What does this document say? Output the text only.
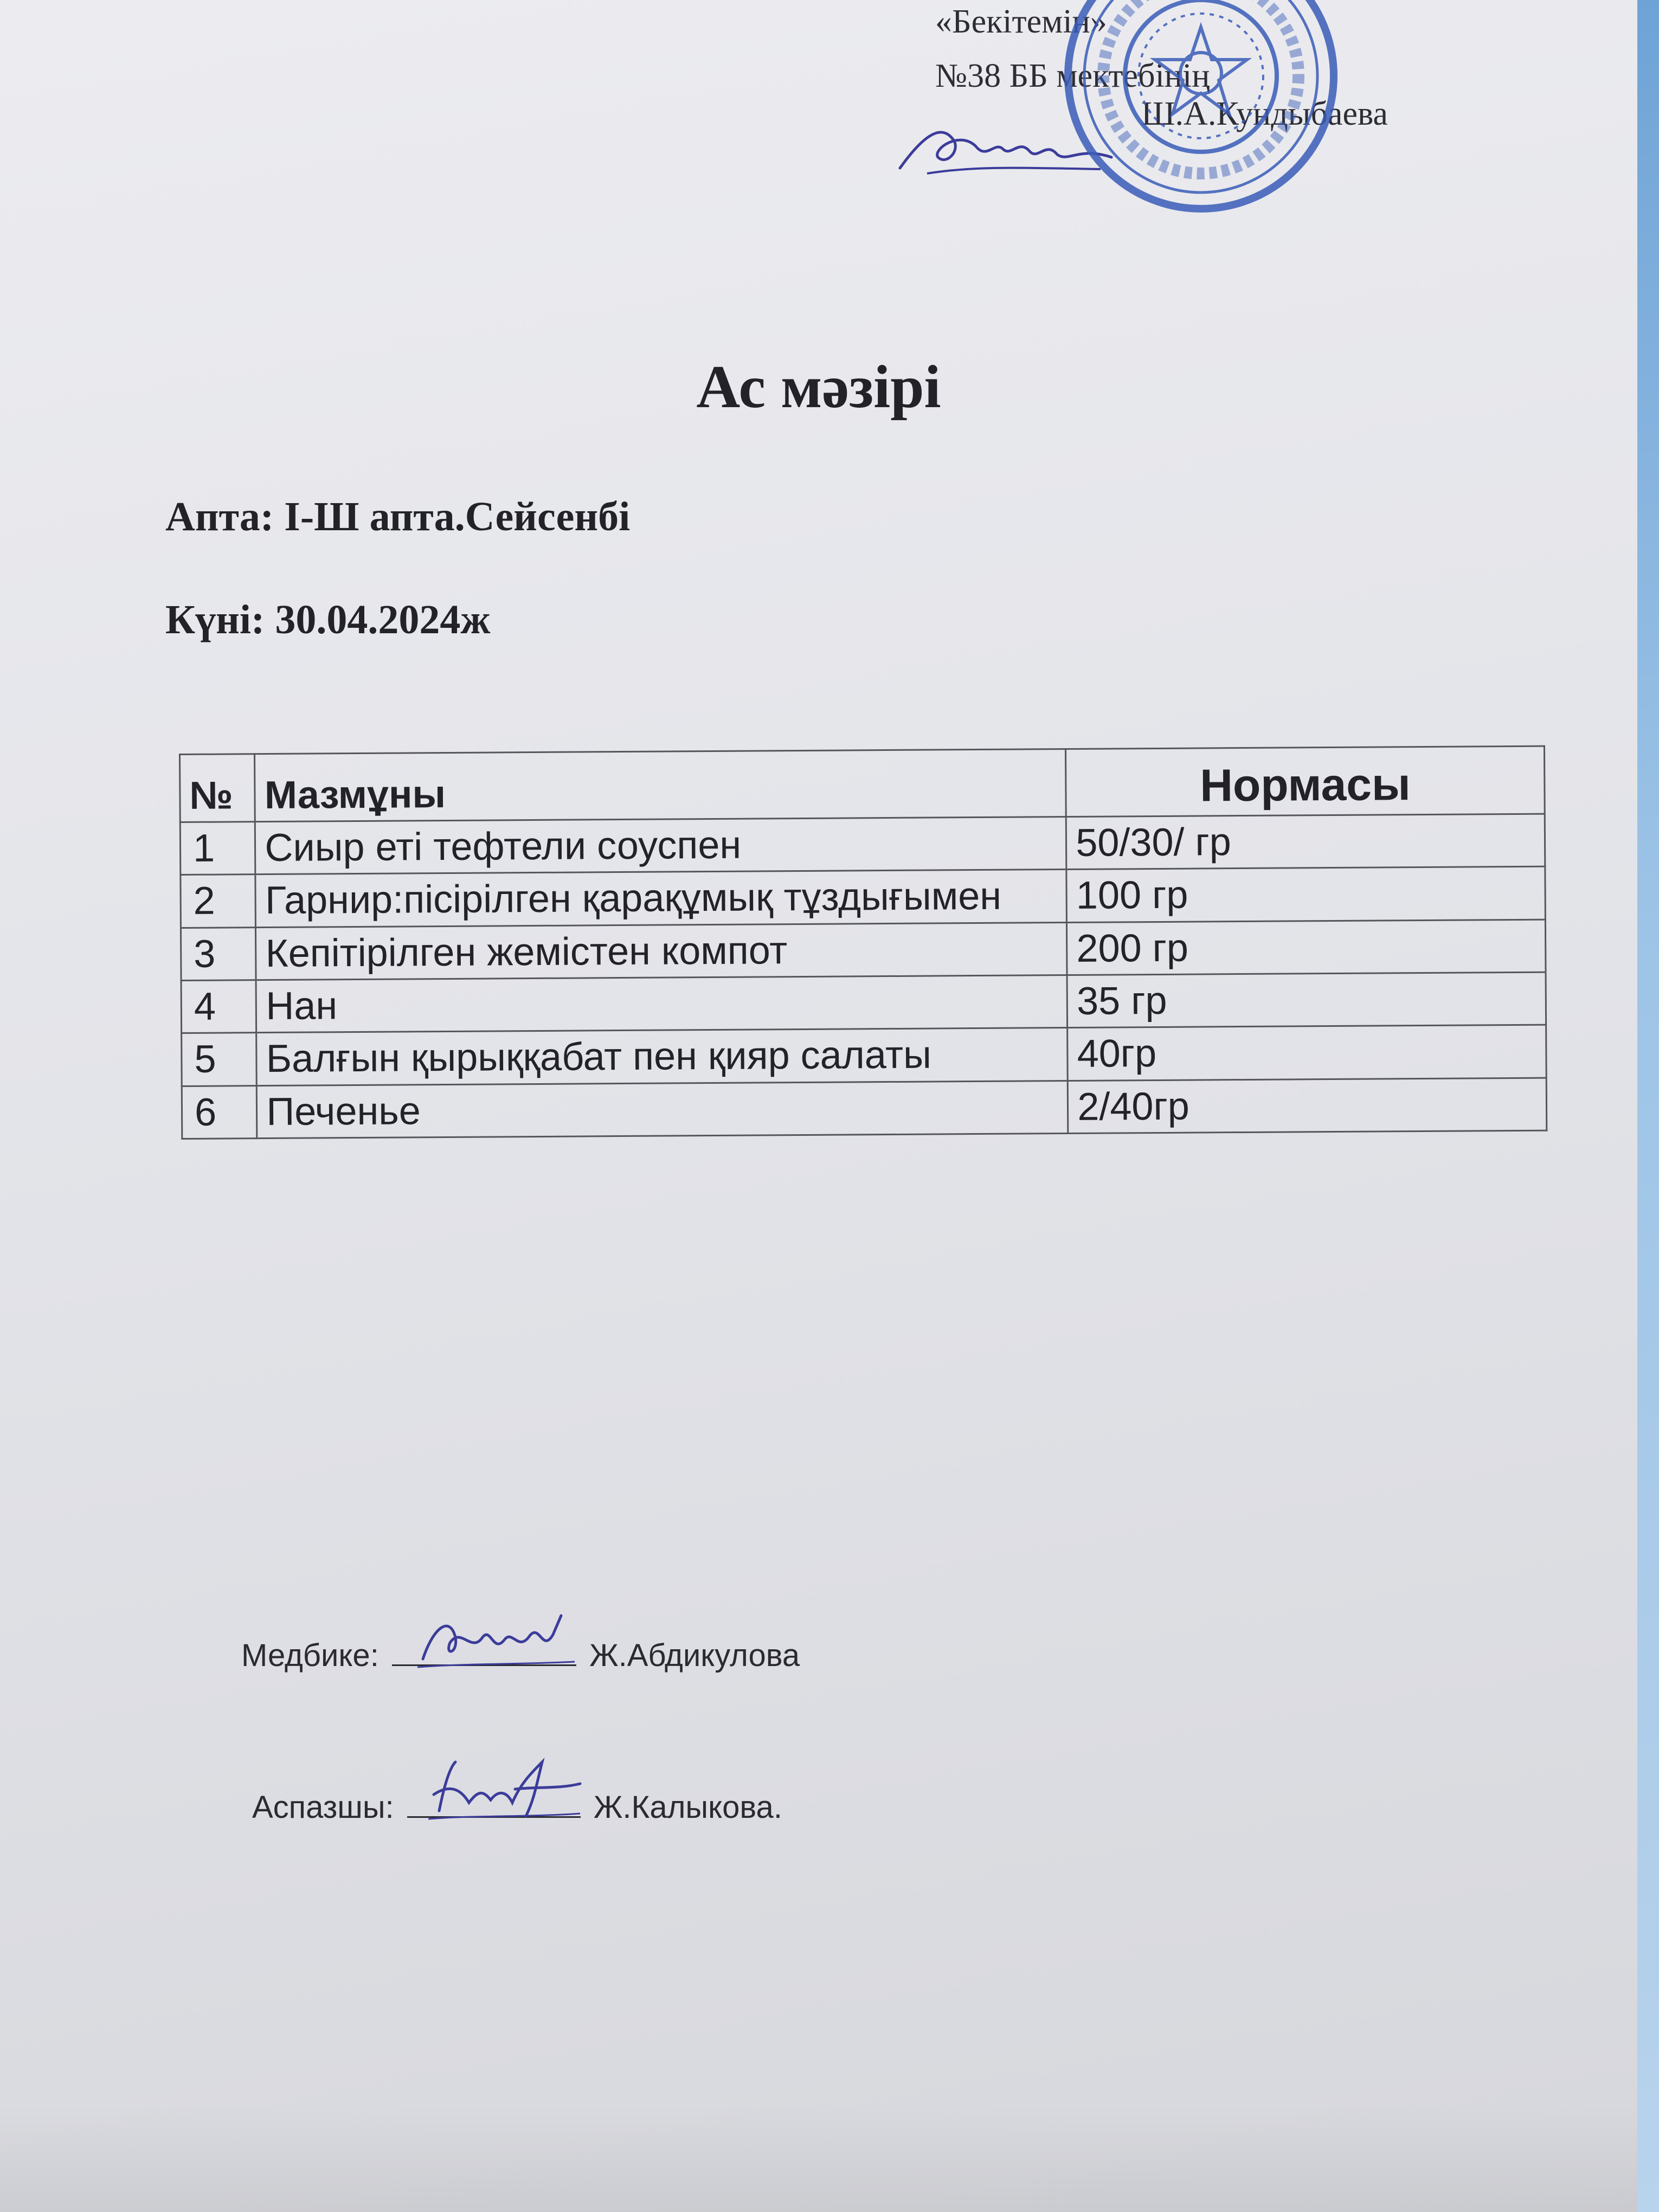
«Бекітемін»
№38 ББ мектебінің
Ш.А.Кундыбаева
Ас мәзірі
Апта: І-Ш апта.Сейсенбі
Күні: 30.04.2024ж
№	Мазмұны	Нормасы
1	Сиыр еті тефтели соуспен	50/30/ гр
2	Гарнир:пісірілген қарақұмық тұздығымен	100 гр
3	Кепітірілген жемістен компот	200 гр
4	Нан	35 гр
5	Балғын қырыққабат пен қияр салаты	40гр
6	Печенье	2/40гр
Медбике:	Ж.Абдикулова
Аспазшы:	Ж.Калыкова.
